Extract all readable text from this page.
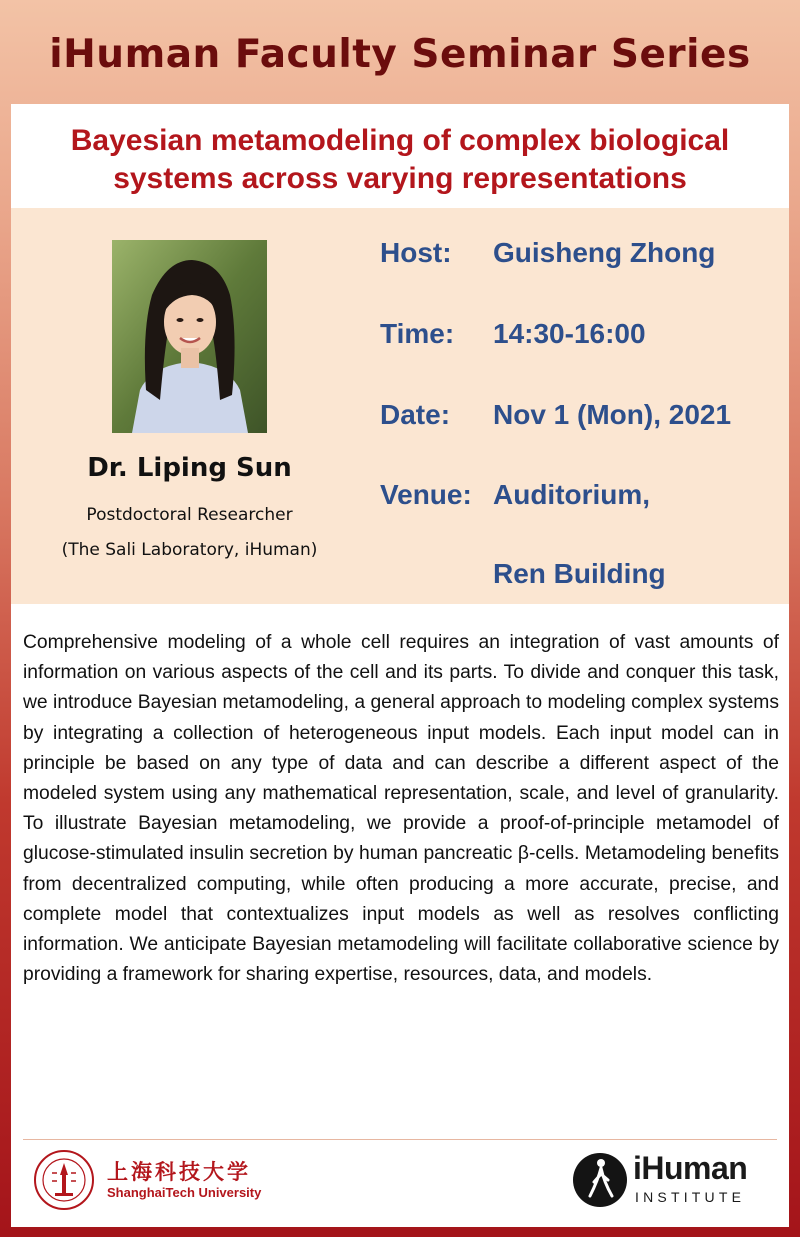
iHuman Faculty Seminar Series
Bayesian metamodeling of complex biological
systems across varying representations
Dr. Liping Sun
Postdoctoral Researcher
(The Sali Laboratory, iHuman)
Host: Guisheng Zhong
Time: 14:30-16:00
Date: Nov 1 (Mon), 2021
Venue: Auditorium,
Ren Building

Comprehensive modeling of a whole cell requires an integration of vast amounts of information on various aspects of the cell and its parts. To divide and conquer this task, we introduce Bayesian metamodeling, a general approach to modeling complex systems by integrating a collection of heterogeneous input models. Each input model can in principle be based on any type of data and can describe a different aspect of the modeled system using any mathematical representation, scale, and level of granularity. To illustrate Bayesian metamodeling, we provide a proof-of-principle metamodel of glucose-stimulated insulin secretion by human pancreatic β-cells. Metamodeling benefits from decentralized computing, while often producing a more accurate, precise, and complete model that contextualizes input models as well as resolves conflicting information. We anticipate Bayesian metamodeling will facilitate collaborative science by providing a framework for sharing expertise, resources, data, and models.

上海科技大学
ShanghaiTech University
iHuman
INSTITUTE
